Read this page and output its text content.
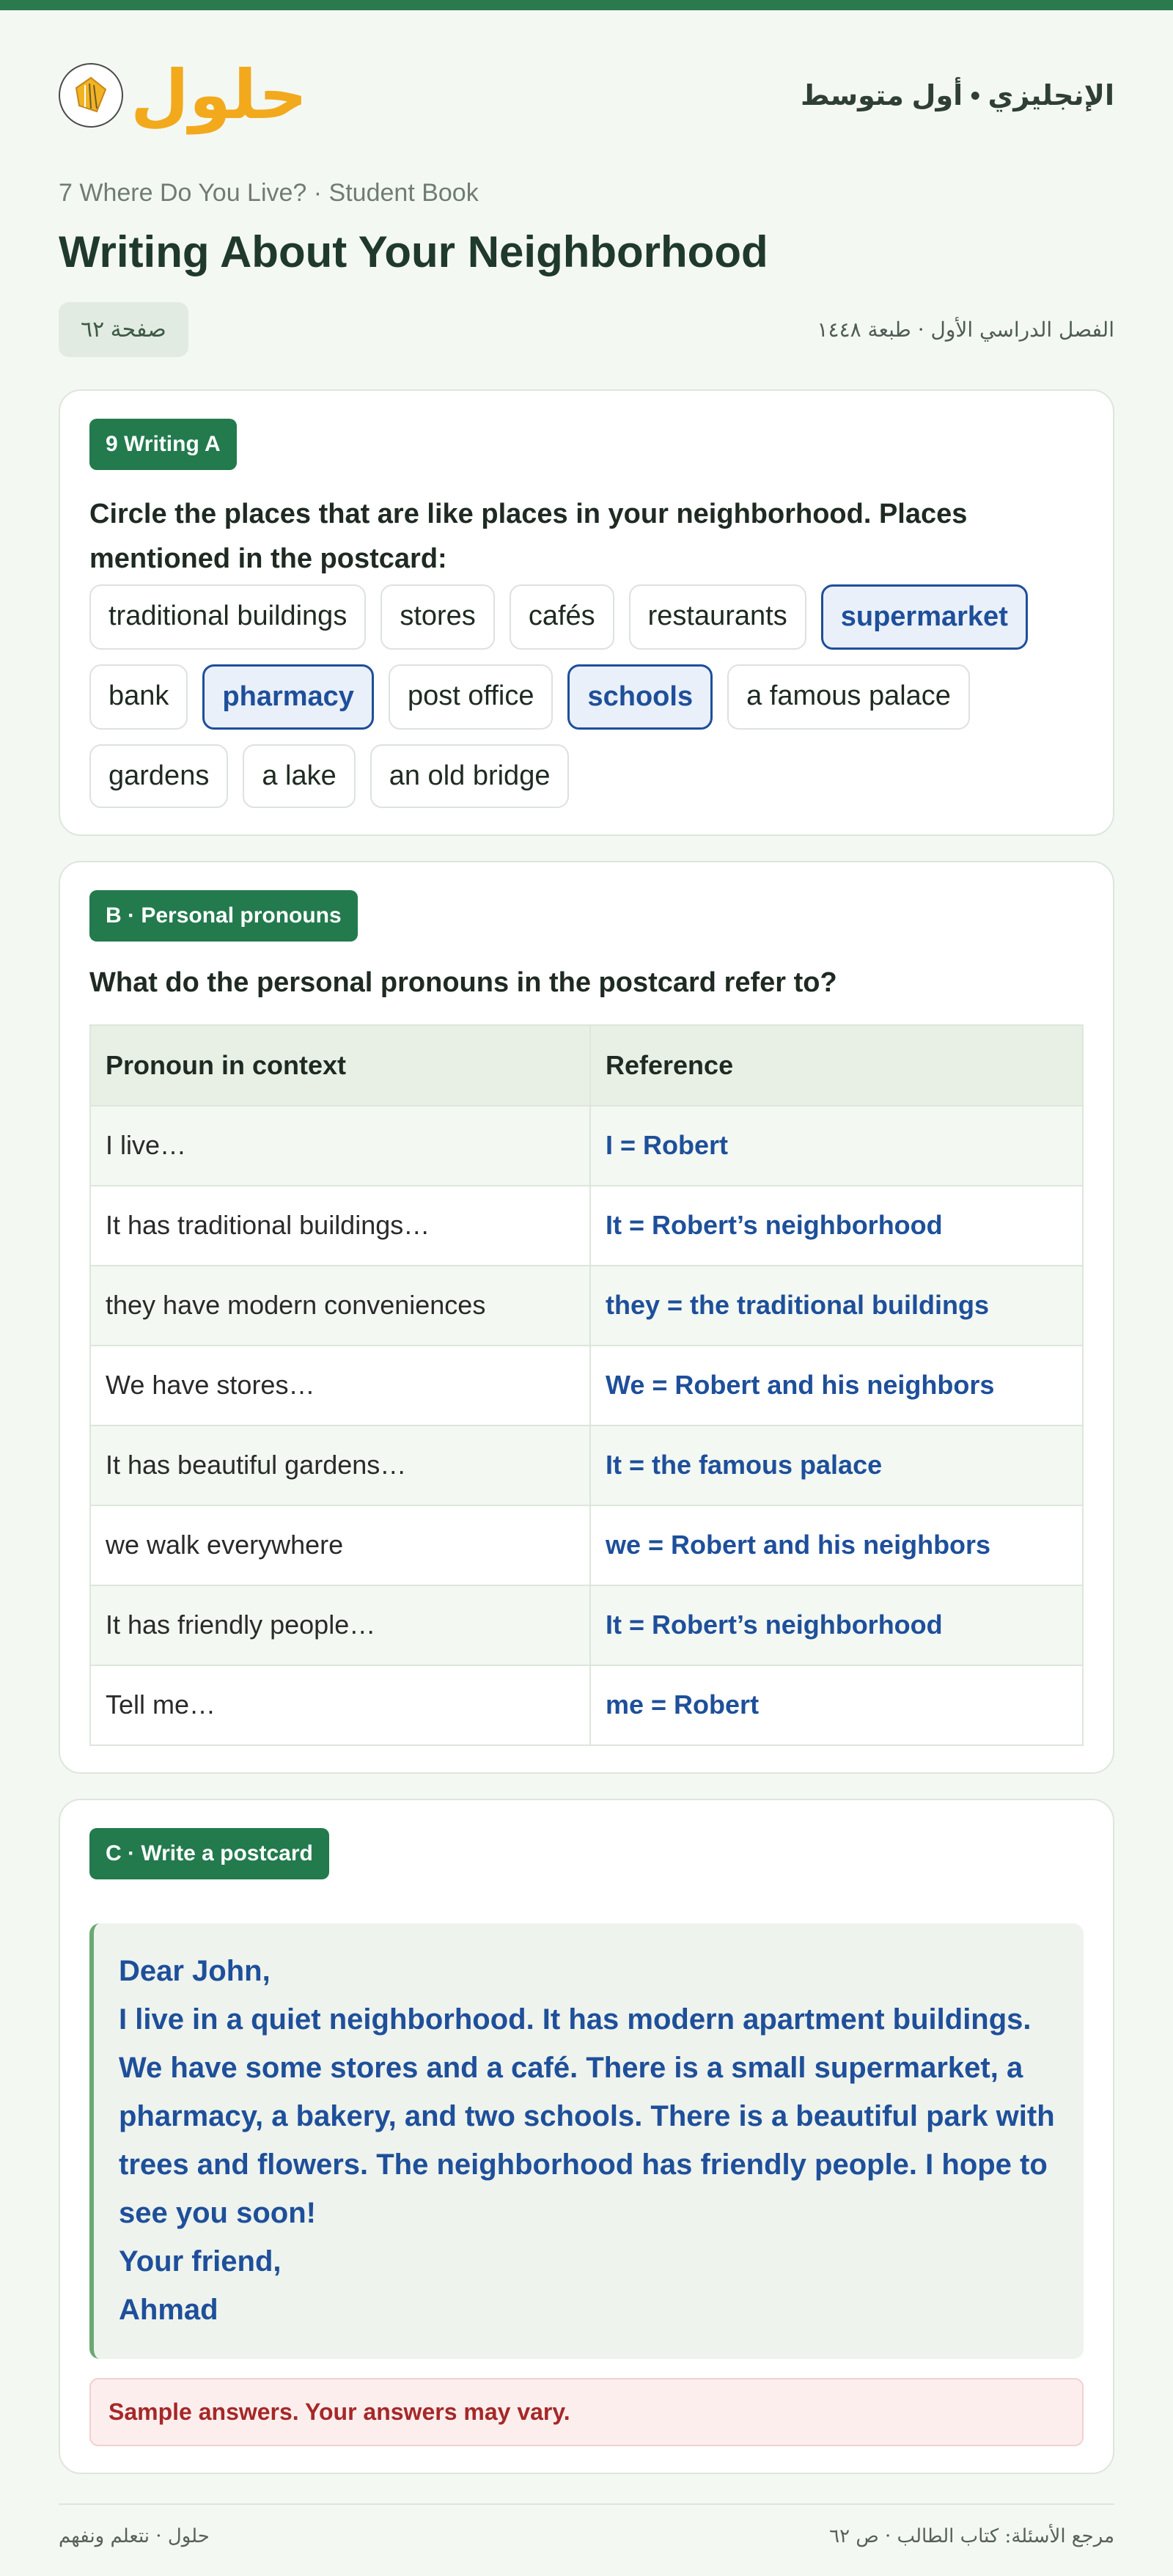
حلول	الإنجليزي • أول متوسط
7 Where Do You Live? · Student Book
Writing About Your Neighborhood
صفحة ٦٢	الفصل الدراسي الأول · طبعة ١٤٤٨
9 Writing A
Circle the places that are like places in your neighborhood. Places mentioned in the postcard:
traditional buildings	stores	cafés	restaurants	supermarket
bank	pharmacy	post office	schools	a famous palace
gardens	a lake	an old bridge
B · Personal pronouns
What do the personal pronouns in the postcard refer to?
Pronoun in context	Reference
I live…	I = Robert
It has traditional buildings…	It = Robert’s neighborhood
they have modern conveniences	they = the traditional buildings
We have stores…	We = Robert and his neighbors
It has beautiful gardens…	It = the famous palace
we walk everywhere	we = Robert and his neighbors
It has friendly people…	It = Robert’s neighborhood
Tell me…	me = Robert
C · Write a postcard
Dear John,
I live in a quiet neighborhood. It has modern apartment buildings. We have some stores and a café. There is a small supermarket, a pharmacy, a bakery, and two schools. There is a beautiful park with trees and flowers. The neighborhood has friendly people. I hope to see you soon!
Your friend,
Ahmad
Sample answers. Your answers may vary.
حلول · نتعلم ونفهم	مرجع الأسئلة: كتاب الطالب · ص ٦٢
